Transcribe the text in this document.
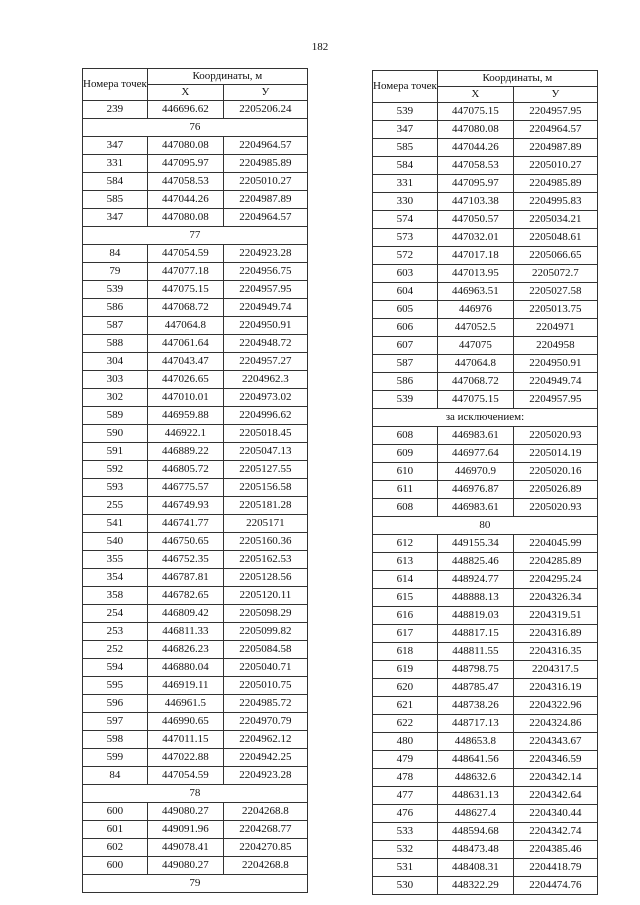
182
Номера точек	Координаты, м	
	Х	У
239	446696.62	2205206.24
76		
347	447080.08	2204964.57
331	447095.97	2204985.89
584	447058.53	2205010.27
585	447044.26	2204987.89
347	447080.08	2204964.57
77		
84	447054.59	2204923.28
79	447077.18	2204956.75
539	447075.15	2204957.95
586	447068.72	2204949.74
587	447064.8	2204950.91
588	447061.64	2204948.72
304	447043.47	2204957.27
303	447026.65	2204962.3
302	447010.01	2204973.02
589	446959.88	2204996.62
590	446922.1	2205018.45
591	446889.22	2205047.13
592	446805.72	2205127.55
593	446775.57	2205156.58
255	446749.93	2205181.28
541	446741.77	2205171
540	446750.65	2205160.36
355	446752.35	2205162.53
354	446787.81	2205128.56
358	446782.65	2205120.11
254	446809.42	2205098.29
253	446811.33	2205099.82
252	446826.23	2205084.58
594	446880.04	2205040.71
595	446919.11	2205010.75
596	446961.5	2204985.72
597	446990.65	2204970.79
598	447011.15	2204962.12
599	447022.88	2204942.25
84	447054.59	2204923.28
78		
600	449080.27	2204268.8
601	449091.96	2204268.77
602	449078.41	2204270.85
600	449080.27	2204268.8
79		
Номера точек	Координаты, м	
	Х	У
539	447075.15	2204957.95
347	447080.08	2204964.57
585	447044.26	2204987.89
584	447058.53	2205010.27
331	447095.97	2204985.89
330	447103.38	2204995.83
574	447050.57	2205034.21
573	447032.01	2205048.61
572	447017.18	2205066.65
603	447013.95	2205072.7
604	446963.51	2205027.58
605	446976	2205013.75
606	447052.5	2204971
607	447075	2204958
587	447064.8	2204950.91
586	447068.72	2204949.74
539	447075.15	2204957.95
за исключением:		
608	446983.61	2205020.93
609	446977.64	2205014.19
610	446970.9	2205020.16
611	446976.87	2205026.89
608	446983.61	2205020.93
80		
612	449155.34	2204045.99
613	448825.46	2204285.89
614	448924.77	2204295.24
615	448888.13	2204326.34
616	448819.03	2204319.51
617	448817.15	2204316.89
618	448811.55	2204316.35
619	448798.75	2204317.5
620	448785.47	2204316.19
621	448738.26	2204322.96
622	448717.13	2204324.86
480	448653.8	2204343.67
479	448641.56	2204346.59
478	448632.6	2204342.14
477	448631.13	2204342.64
476	448627.4	2204340.44
533	448594.68	2204342.74
532	448473.48	2204385.46
531	448408.31	2204418.79
530	448322.29	2204474.76
